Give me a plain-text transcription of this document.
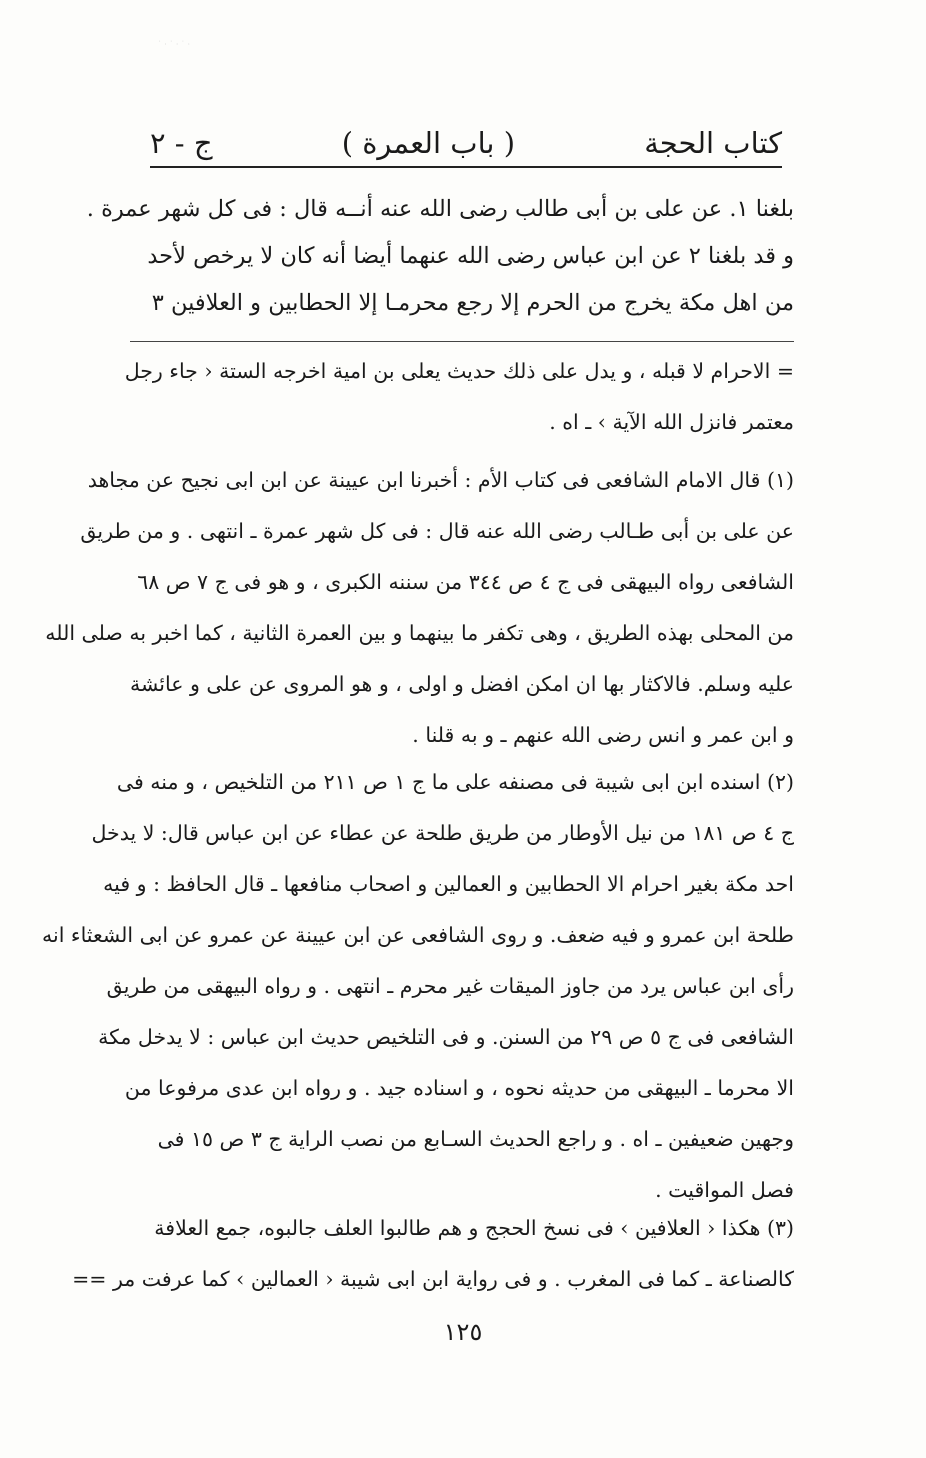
· ˙ · ˙ · ˙
كتاب الحجة
( باب العمرة )
ج - ٢
بلغنا ١. عن على بن أبى طالب رضى الله عنه أنــه قال : فى كل شهر عمرة .
و قد بلغنا ٢ عن ابن عباس رضى الله عنهما أيضا أنه كان لا يرخص لأحد
من اهل مكة يخرج من الحرم إلا رجع محرمـا إلا الحطابين و العلافين ٣
= الاحرام لا قبله ، و يدل على ذلك حديث يعلى بن امية اخرجه الستة ‹ جاء رجل
معتمر فانزل الله الآية › ـ اه .
(١) قال الامام الشافعى فى كتاب الأم : أخبرنا ابن عيينة عن ابن ابى نجيح عن مجاهد
عن على بن أبى طـالب رضى الله عنه قال : فى كل شهر عمرة ـ انتهى . و من طريق
الشافعى رواه البيهقى فى ج ٤ ص ٣٤٤ من سننه الكبرى ، و هو فى ج ٧ ص ٦٨
من المحلى بهذه الطريق ، وهى تكفر ما بينهما و بين العمرة الثانية ، كما اخبر به صلى الله
عليه وسلم. فالاكثار بها ان امكن افضل و اولى ، و هو المروى عن على و عائشة
و ابن عمر و انس رضى الله عنهم ـ و به قلنا .
(٢) اسنده ابن ابى شيبة فى مصنفه على ما ج ١ ص ٢١١ من التلخيص ، و منه فى
ج ٤ ص ١٨١ من نيل الأوطار من طريق طلحة عن عطاء عن ابن عباس قال: لا يدخل
احد مكة بغير احرام الا الحطابين و العمالين و اصحاب منافعها ـ قال الحافظ : و فيه
طلحة ابن عمرو و فيه ضعف. و روى الشافعى عن ابن عيينة عن عمرو عن ابى الشعثاء انه
رأى ابن عباس يرد من جاوز الميقات غير محرم ـ انتهى . و رواه البيهقى من طريق
الشافعى فى ج ٥ ص ٢٩ من السنن. و فى التلخيص حديث ابن عباس : لا يدخل مكة
الا محرما ـ البيهقى من حديثه نحوه ، و اسناده جيد . و رواه ابن عدى مرفوعا من
وجهين ضعيفين ـ اه . و راجع الحديث السـابع من نصب الراية ج ٣ ص ١٥ فى
فصل المواقيت .
(٣) هكذا ‹ العلافين › فى نسخ الحجج و هم طالبوا العلف جالبوه، جمع العلافة
كالصناعة ـ كما فى المغرب . و فى رواية ابن ابى شيبة ‹ العمالين › كما عرفت مر ==
١٢٥
